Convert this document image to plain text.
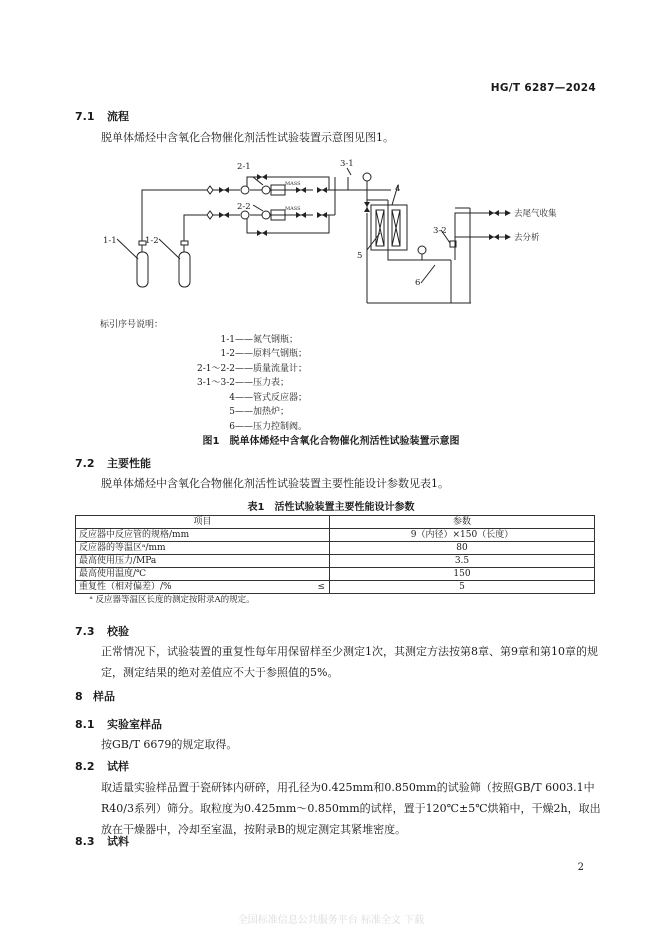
HG/T 6287—2024
7.1 流程
脱单体烯烃中含氧化合物催化剂活性试验装置示意图见图1。
1-1	1-2
2-1
2-2
3-1
3-2
4
5
6
去尾气收集
去分析
MASS
MASS
标引序号说明：
1-1 ——氮气钢瓶；
1-2 ——原料气钢瓶；
2-1～2-2 ——质量流量计；
3-1～3-2 ——压力表；
4 ——管式反应器；
5 ——加热炉；
6 ——压力控制阀。
图1　脱单体烯烃中含氧化合物催化剂活性试验装置示意图
7.2 主要性能
脱单体烯烃中含氧化合物催化剂活性试验装置主要性能设计参数见表1。
表1　活性试验装置主要性能设计参数
项目	参数
反应器中反应管的规格/mm	9（内径）×150（长度）
反应器的等温区ᵃ/mm	80
最高使用压力/MPa	3.5
最高使用温度/℃	150
重复性（相对偏差）/% ≤	5
ᵃ 反应器等温区长度的测定按附录A的规定。	
7.3 校验
正常情况下，试验装置的重复性每年用保留样至少测定1次，其测定方法按第8章、第9章和第10章的规定，测定结果的绝对差值应不大于参照值的5%。
8 样品
8.1 实验室样品
按GB/T 6679的规定取得。
8.2 试样
取适量实验样品置于瓷研钵内研碎，用孔径为0.425mm和0.850mm的试验筛（按照GB/T 6003.1中R40/3系列）筛分。取粒度为0.425mm～0.850mm的试样，置于120℃±5℃烘箱中，干燥2h，取出放在干燥器中，冷却至室温，按附录B的规定测定其紧堆密度。
8.3 试料
2
全国标准信息公共服务平台 标准全文 下载
